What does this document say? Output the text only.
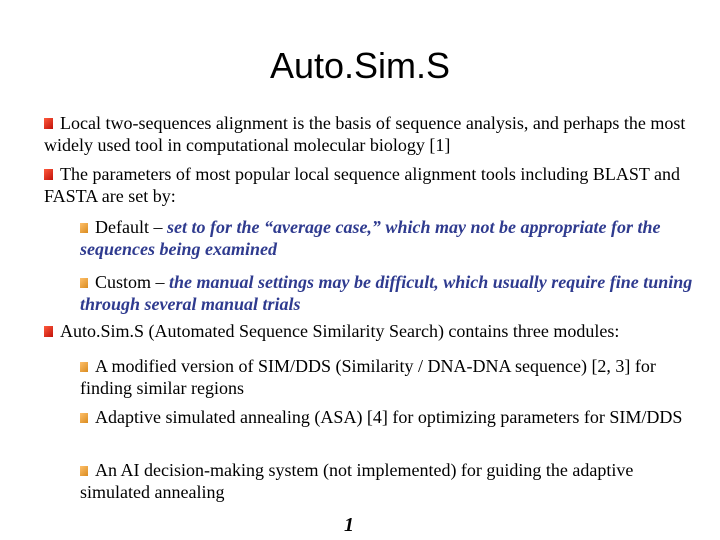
Auto.Sim.S
Local two-sequences alignment is the basis of sequence analysis, and perhaps the most widely used tool in computational molecular biology [1]
The parameters of most popular local sequence alignment tools including BLAST and FASTA are set by:
Default – set to for the “average case,” which may not be appropriate for the sequences being examined
Custom – the manual settings may be difficult, which usually require fine tuning through several manual trials
Auto.Sim.S (Automated Sequence Similarity Search) contains three modules:
A modified version of SIM/DDS (Similarity / DNA-DNA sequence) [2, 3] for finding similar regions
Adaptive simulated annealing (ASA) [4] for optimizing parameters for SIM/DDS
An AI decision-making system (not implemented) for guiding the adaptive simulated annealing
1
